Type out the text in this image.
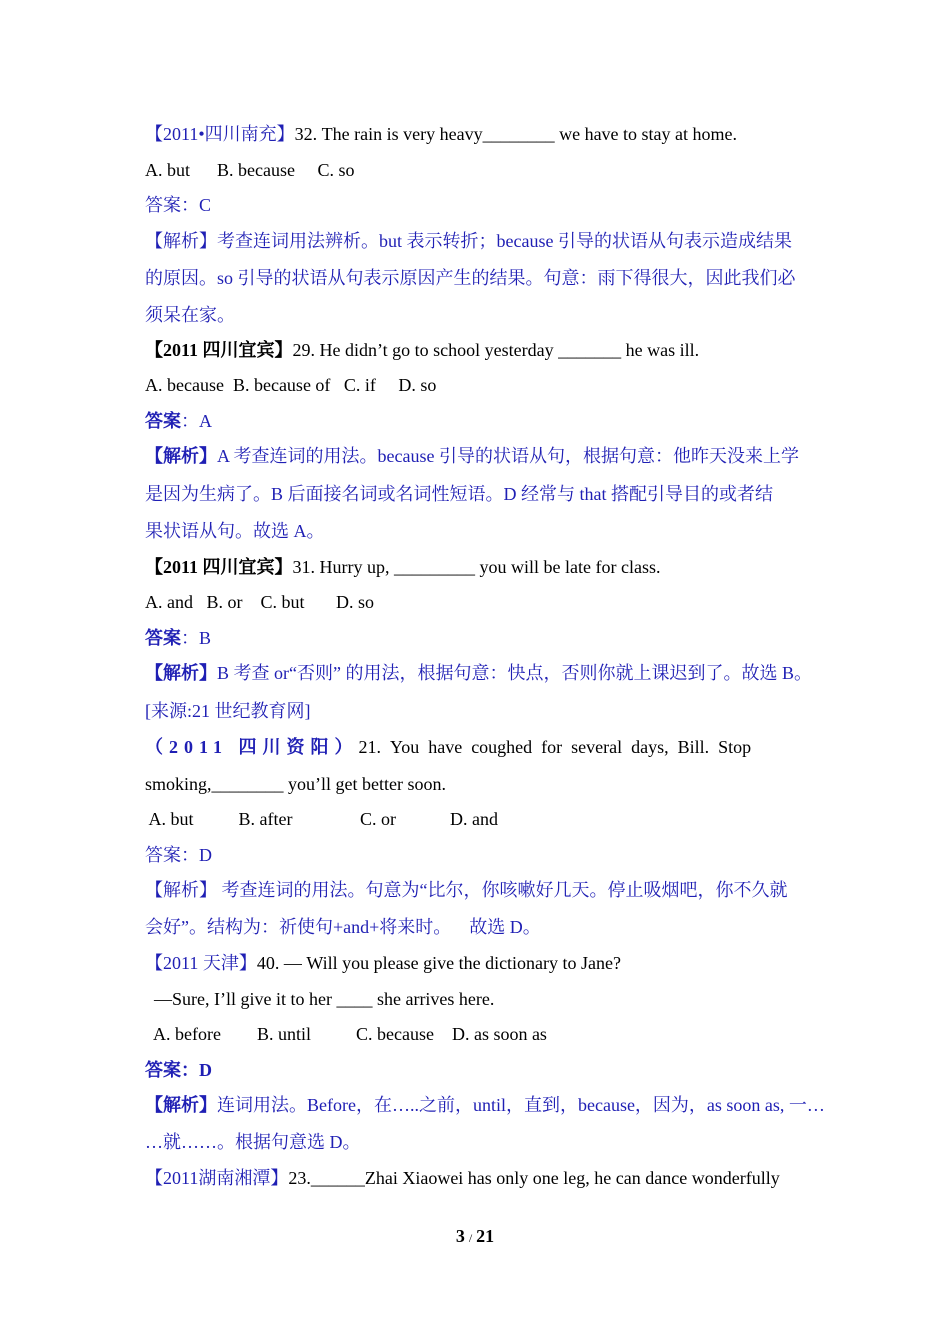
【2011•四川南充】32. The rain is very heavy________ we have to stay at home.
A. but      B. because     C. so
答案：C
【解析】考查连词用法辨析。but 表示转折；because 引导的状语从句表示造成结果
的原因。so 引导的状语从句表示原因产生的结果。句意：雨下得很大，因此我们必
须呆在家。
【2011 四川宜宾】29. He didn’t go to school yesterday _______ he was ill.
A. because  B. because of   C. if     D. so
答案：A
【解析】A 考查连词的用法。because 引导的状语从句，根据句意：他昨天没来上学
是因为生病了。B 后面接名词或名词性短语。D 经常与 that 搭配引导目的或者结
果状语从句。故选 A。
【2011 四川宜宾】31. Hurry up, _________ you will be late for class.
A. and   B. or    C. but       D. so
答案：B
【解析】B 考查 or“否则” 的用法，根据句意：快点，否则你就上课迟到了。故选 B。
[来源:21 世纪教育网]
（2011 四川资阳）21.  You  have  coughed  for  several  days,  Bill.  Stop
smoking,________ you’ll get better soon.
A. but          B. after               C. or            D. and
答案：D
【解析】 考查连词的用法。句意为“比尔，你咳嗽好几天。停止吸烟吧，你不久就
会好”。结构为：祈使句+and+将来时。    故选 D。
【2011 天津】40. — Will you please give the dictionary to Jane?
—Sure, I’ll give it to her ____ she arrives here.
A. before        B. until          C. because    D. as soon as
答案：D
【解析】连词用法。Before，在…..之前，until，直到，because，因为，as soon as, 一…
…就……。根据句意选 D。
【2011湖南湘潭】23.______Zhai Xiaowei has only one leg, he can dance wonderfully
3 / 21
